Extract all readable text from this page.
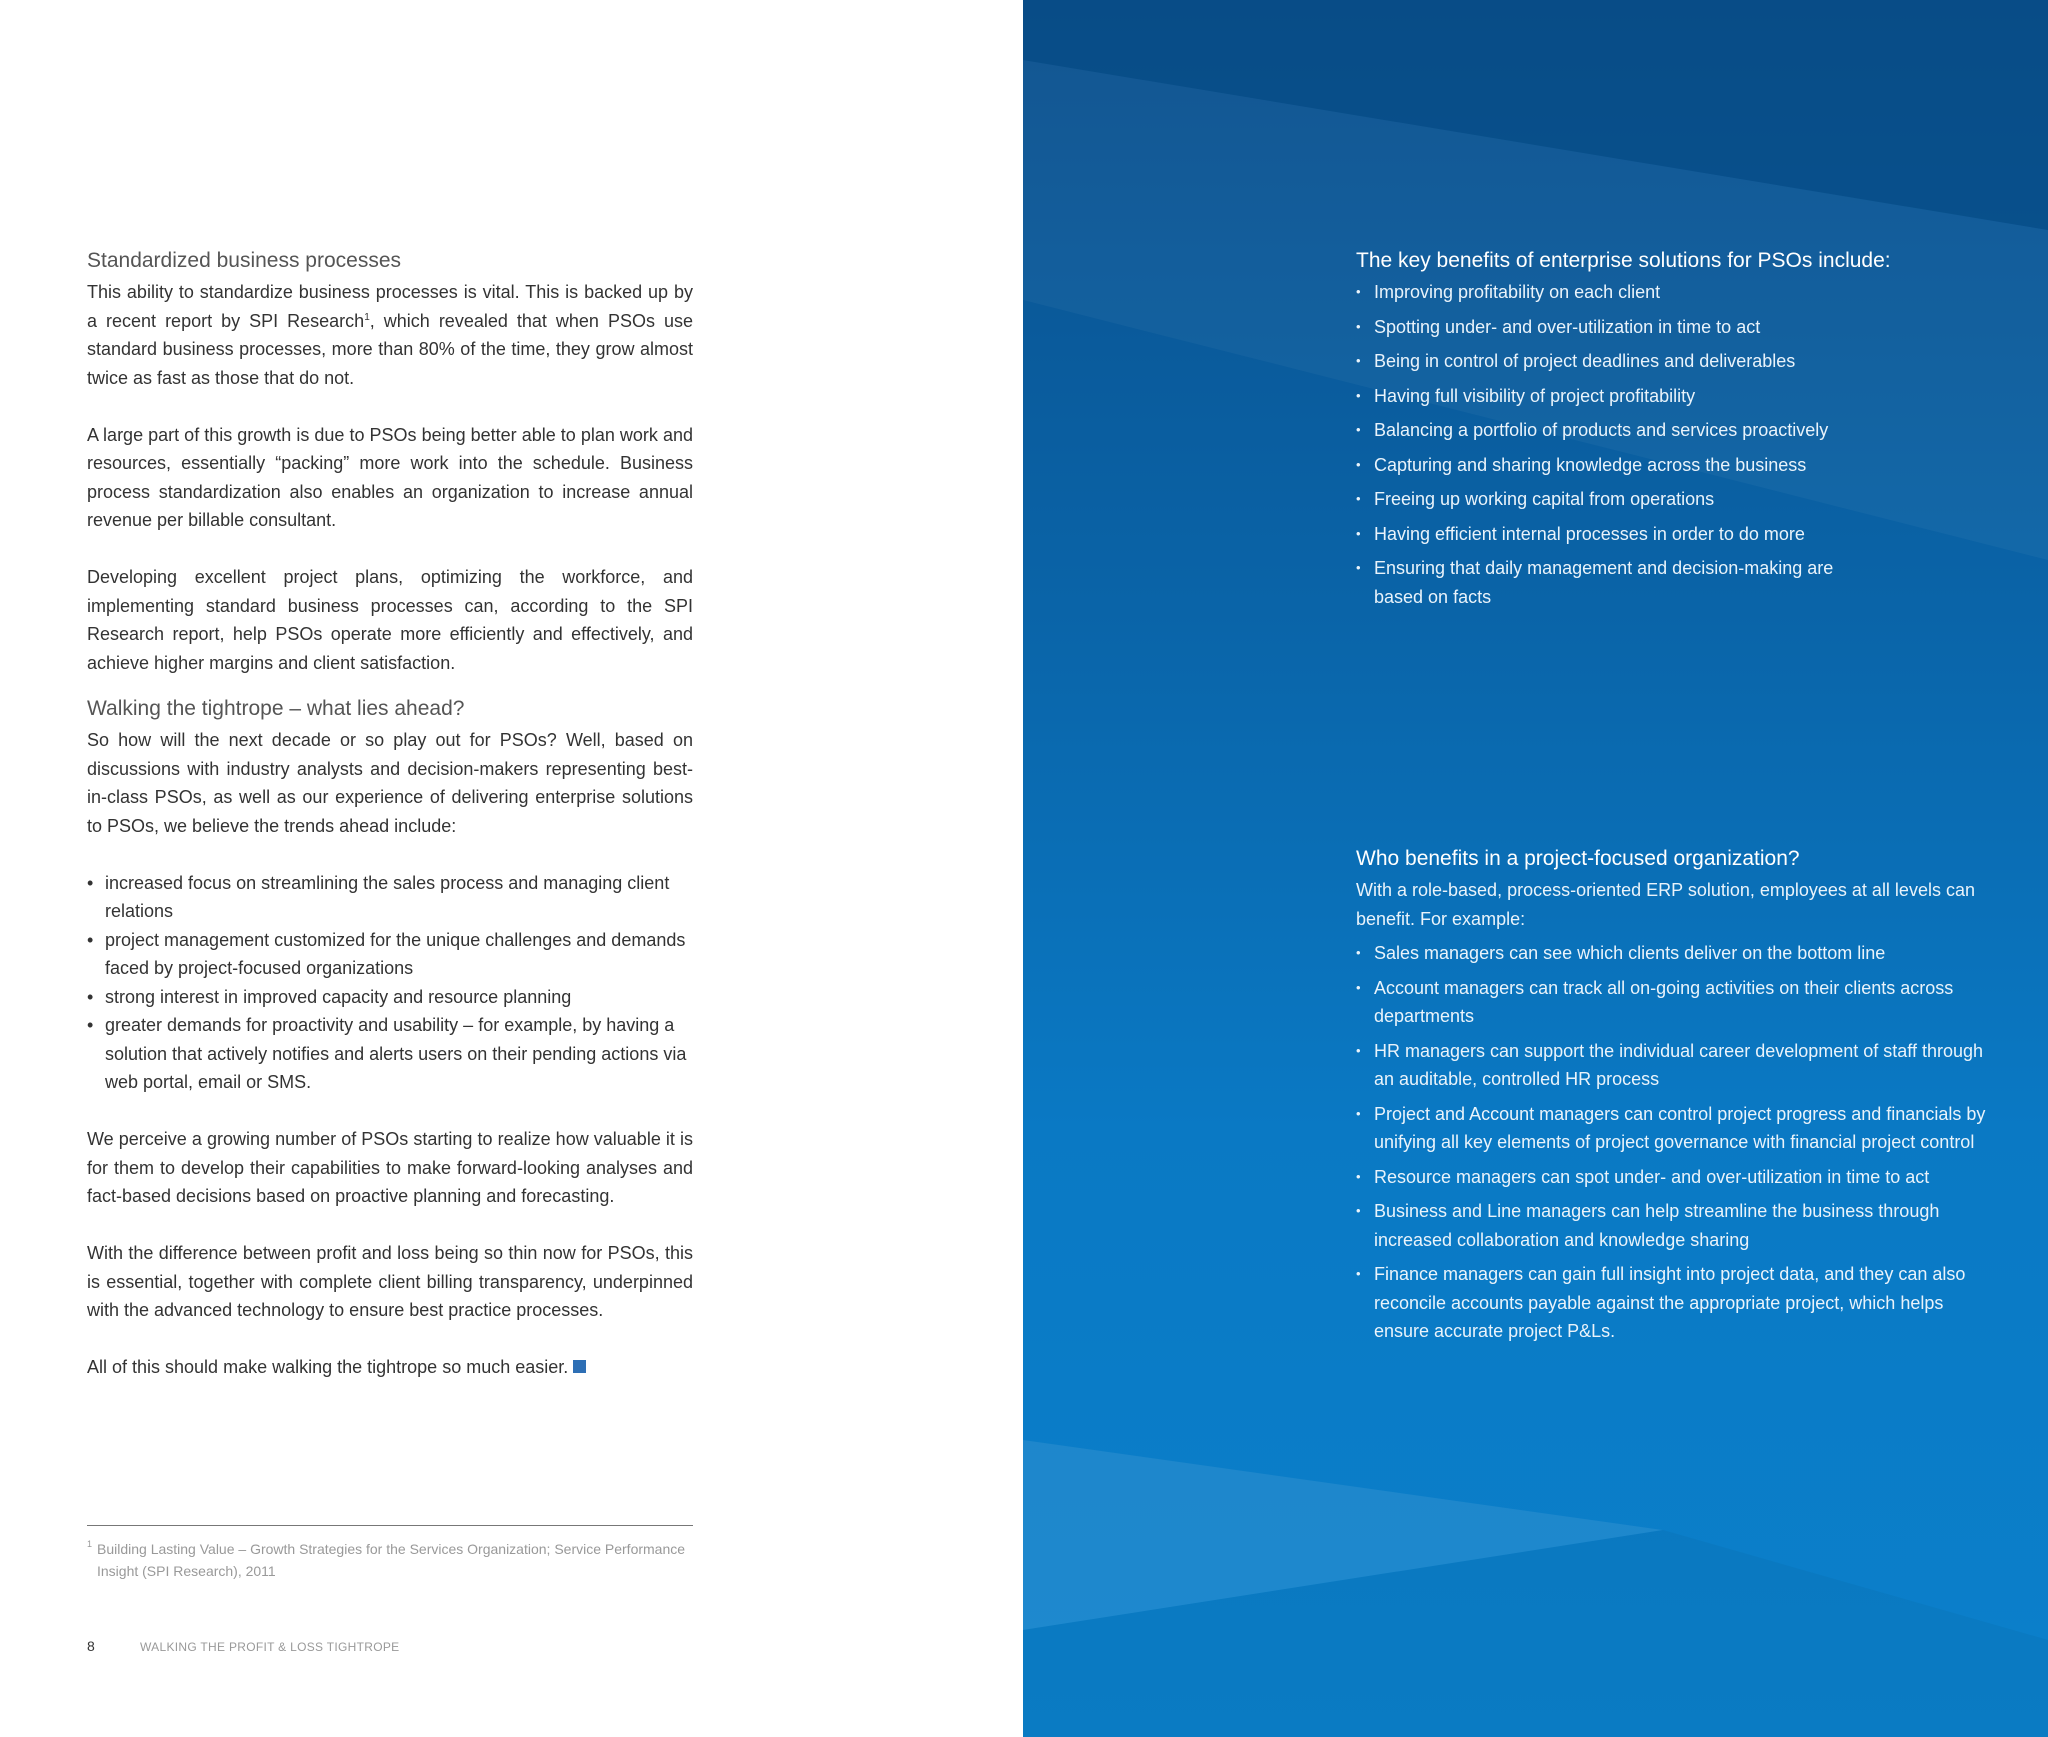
Standardized business processes

This ability to standardize business processes is vital. This is backed up by a recent report by SPI Research$^1$, which revealed that when PSOs use standard business processes, more than 80% of the time, they grow almost twice as fast as those that do not.

A large part of this growth is due to PSOs being better able to plan work and resources, essentially “packing” more work into the schedule. Business process standardization also enables an organization to increase annual revenue per billable consultant.

Developing excellent project plans, optimizing the workforce, and implementing standard business processes can, according to the SPI Research report, help PSOs operate more efficiently and effectively, and achieve higher margins and client satisfaction.

Walking the tightrope – what lies ahead?

So how will the next decade or so play out for PSOs? Well, based on discussions with industry analysts and decision-makers representing best-in-class PSOs, as well as our experience of delivering enterprise solutions to PSOs, we believe the trends ahead include:

• increased focus on streamlining the sales process and managing client relations
• project management customized for the unique challenges and demands faced by project-focused organizations
• strong interest in improved capacity and resource planning
• greater demands for proactivity and usability – for example, by having a solution that actively notifies and alerts users on their pending actions via web portal, email or SMS.

We perceive a growing number of PSOs starting to realize how valuable it is for them to develop their capabilities to make forward-looking analyses and fact-based decisions based on proactive planning and forecasting.

With the difference between profit and loss being so thin now for PSOs, this is essential, together with complete client billing transparency, underpinned with the advanced technology to ensure best practice processes.

All of this should make walking the tightrope so much easier.

1 Building Lasting Value – Growth Strategies for the Services Organization; Service Performance Insight (SPI Research), 2011
8	WALKING THE PROFIT & LOSS TIGHTROPE
The key benefits of enterprise solutions for PSOs include:
• Improving profitability on each client
• Spotting under- and over-utilization in time to act
• Being in control of project deadlines and deliverables
• Having full visibility of project profitability
• Balancing a portfolio of products and services proactively
• Capturing and sharing knowledge across the business
• Freeing up working capital from operations
• Having efficient internal processes in order to do more
• Ensuring that daily management and decision-making are based on facts
Who benefits in a project-focused organization?

With a role-based, process-oriented ERP solution, employees at all levels can benefit. For example:

• Sales managers can see which clients deliver on the bottom line
• Account managers can track all on-going activities on their clients across departments
• HR managers can support the individual career development of staff through an auditable, controlled HR process
• Project and Account managers can control project progress and financials by unifying all key elements of project governance with financial project control
• Resource managers can spot under- and over-utilization in time to act
• Business and Line managers can help streamline the business through increased collaboration and knowledge sharing
• Finance managers can gain full insight into project data, and they can also reconcile accounts payable against the appropriate project, which helps ensure accurate project P&Ls.
